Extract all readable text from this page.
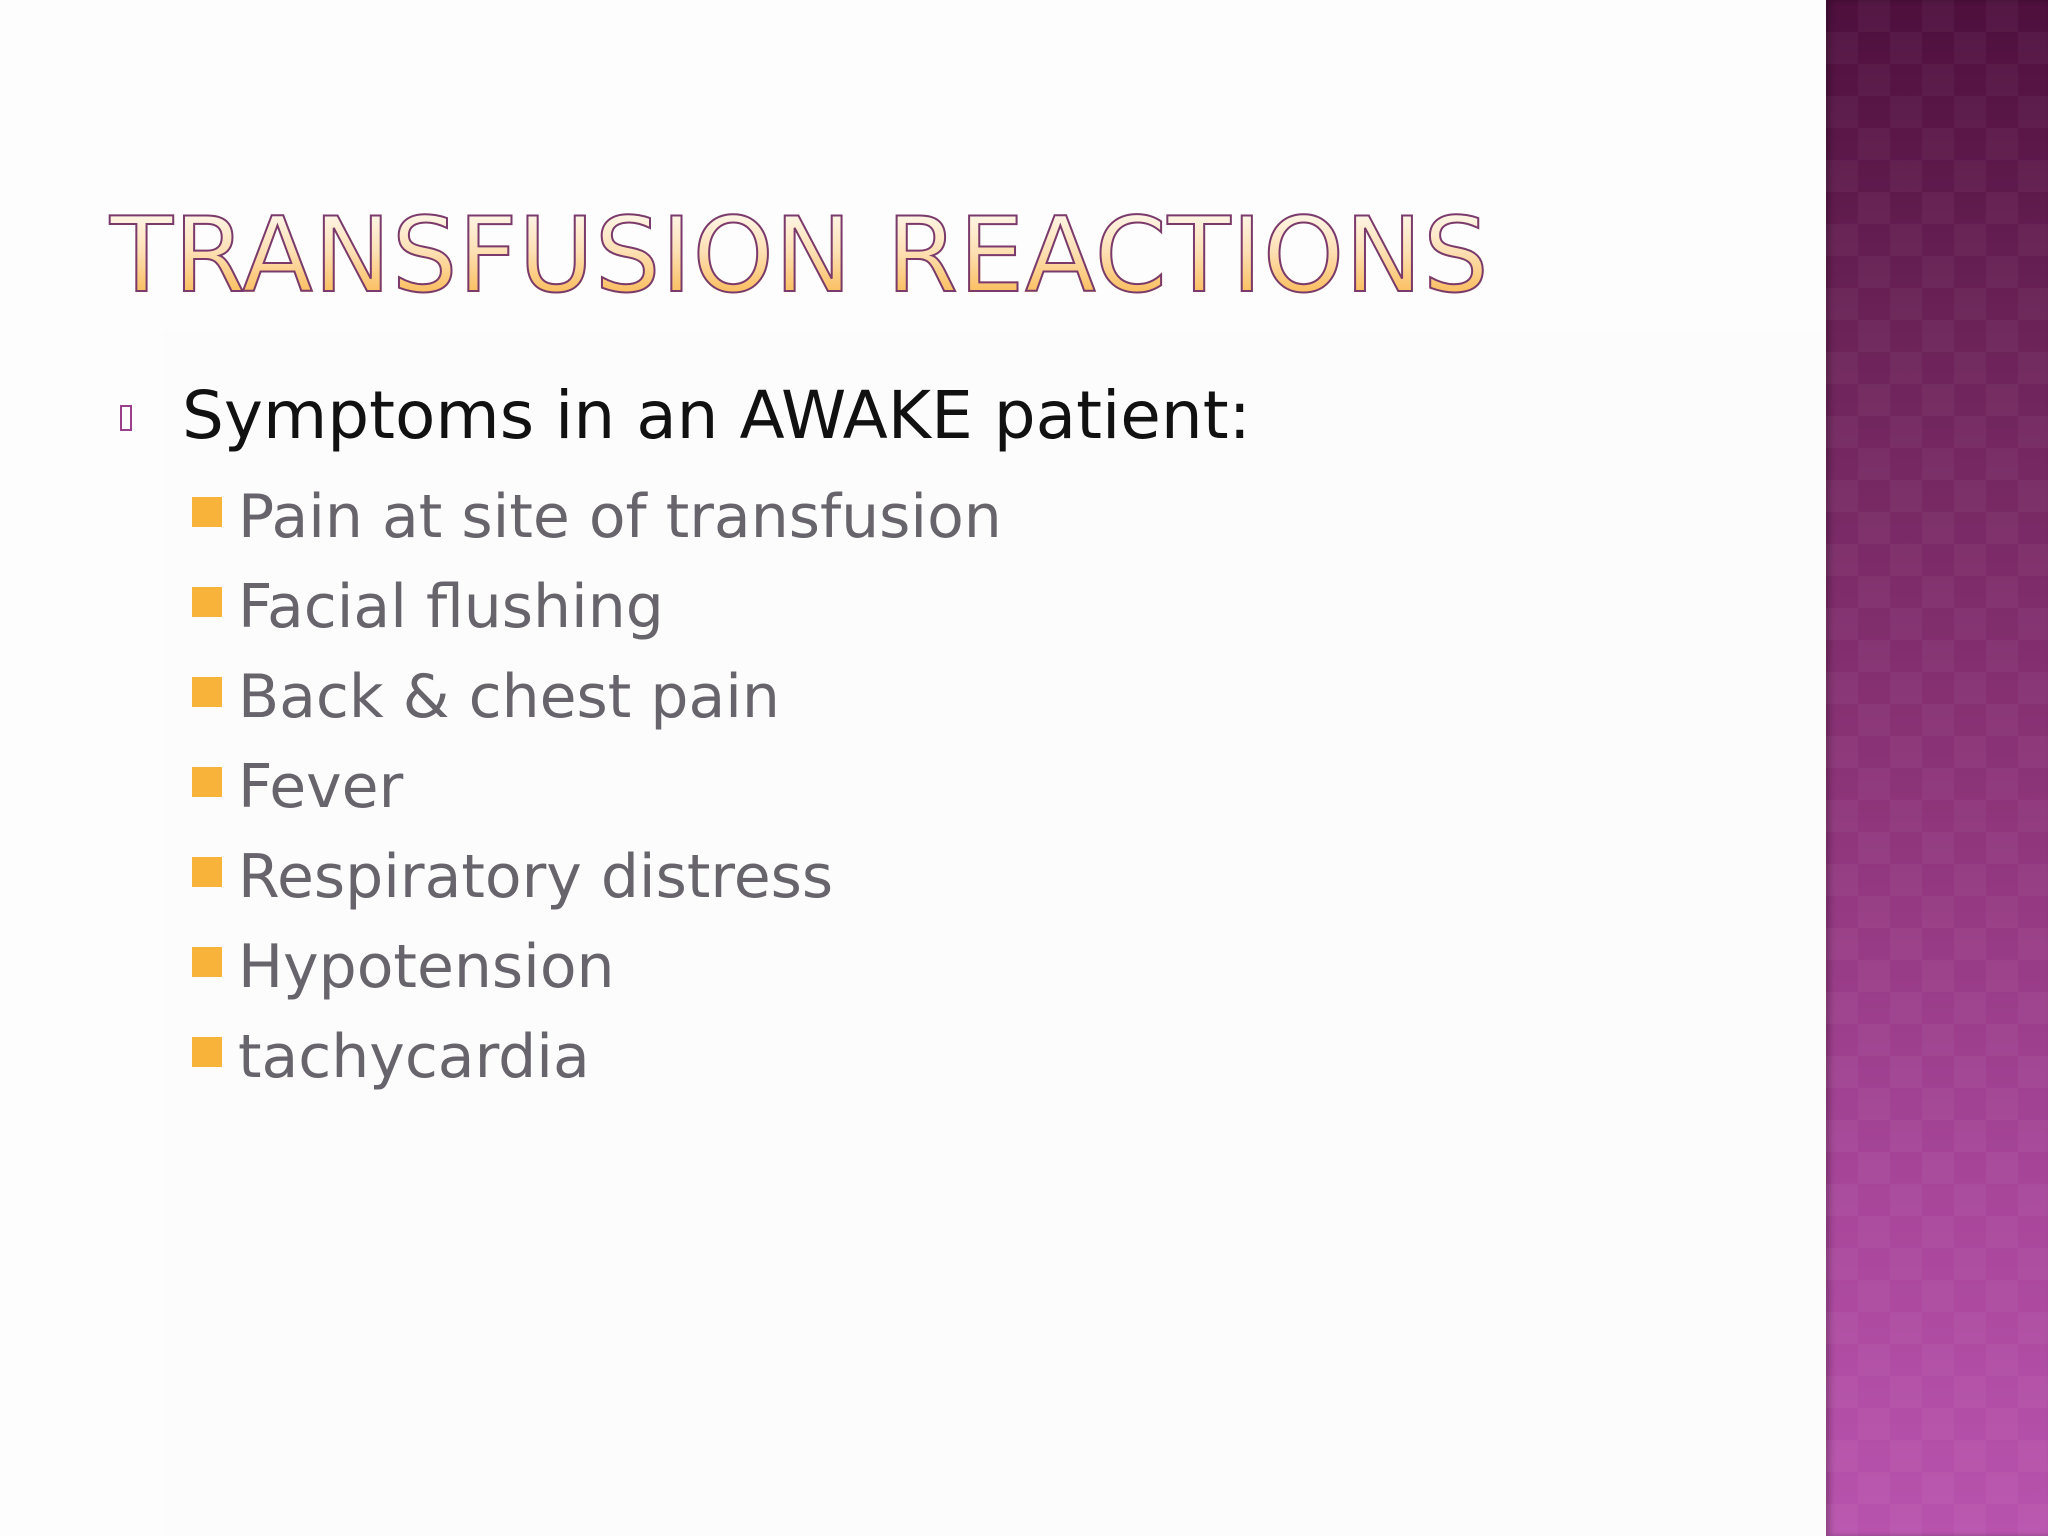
TRANSFUSION REACTIONS
Symptoms in an AWAKE patient:
Pain at site of transfusion
Facial flushing
Back & chest pain
Fever
Respiratory distress
Hypotension
tachycardia
